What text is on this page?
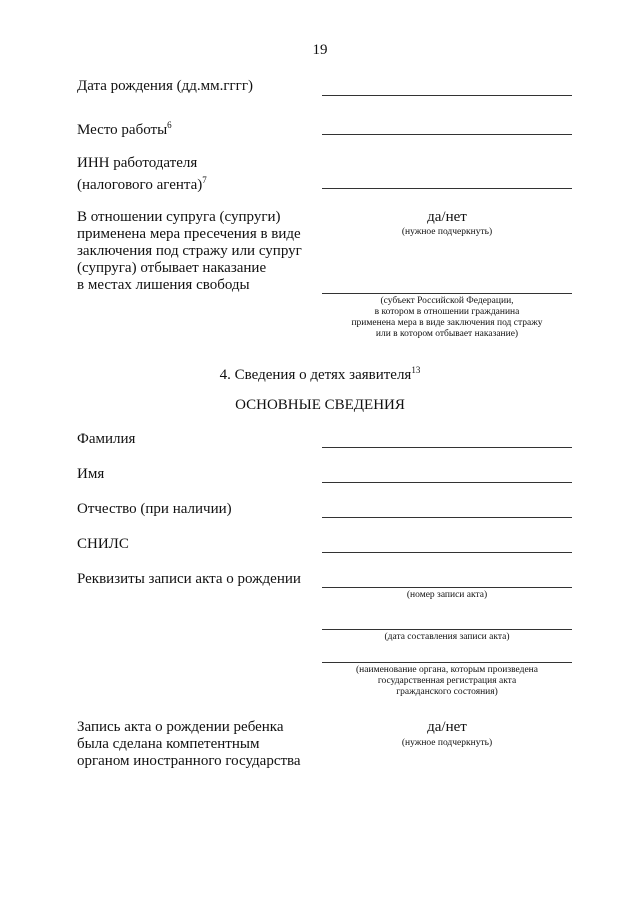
19
Дата рождения (дд.мм.гггг)
Место работы$^6$
ИНН работодателя
(налогового агента)$^7$
В отношении супруга (супруги)
применена мера пресечения в виде
заключения под стражу или супруг
(супруга) отбывает наказание
в местах лишения свободы
да/нет
(нужное подчеркнуть)
(субъект Российской Федерации,
в котором в отношении гражданина
применена мера в виде заключения под стражу
или в котором отбывает наказание)
4. Сведения о детях заявителя$^{13}$
ОСНОВНЫЕ СВЕДЕНИЯ
Фамилия
Имя
Отчество (при наличии)
СНИЛС
Реквизиты записи акта о рождении
(номер записи акта)
(дата составления записи акта)
(наименование органа, которым произведена
государственная регистрация акта
гражданского состояния)
Запись акта о рождении ребенка
была сделана компетентным
органом иностранного государства
да/нет
(нужное подчеркнуть)
